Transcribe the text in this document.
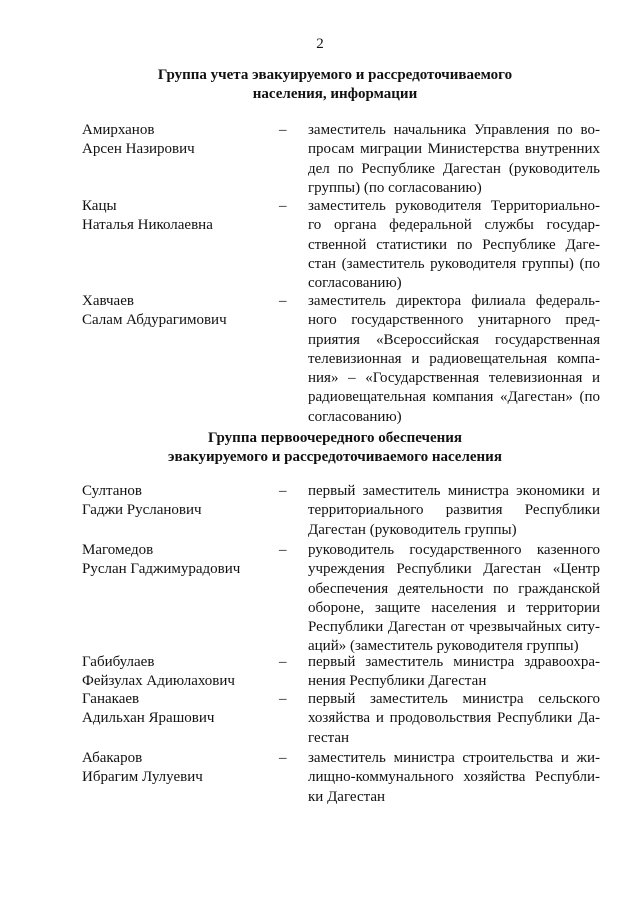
2
Группа учета эвакуируемого и рассредоточиваемого
населения, информации
Амирханов
Арсен Назирович
– заместитель начальника Управления по во-
просам миграции Министерства внутренних
дел по Республике Дагестан (руководитель
группы) (по согласованию)
Кацы
Наталья Николаевна
– заместитель руководителя Территориально-
го органа федеральной службы государ-
ственной статистики по Республике Даге-
стан (заместитель руководителя группы) (по
согласованию)
Хавчаев
Салам Абдурагимович
– заместитель директора филиала федераль-
ного государственного унитарного пред-
приятия «Всероссийская государственная
телевизионная и радиовещательная компа-
ния» – «Государственная телевизионная и
радиовещательная компания «Дагестан» (по
согласованию)
Группа первоочередного обеспечения
эвакуируемого и рассредоточиваемого населения
Султанов
Гаджи Русланович
– первый заместитель министра экономики и
территориального развития Республики
Дагестан (руководитель группы)
Магомедов
Руслан Гаджимурадович
– руководитель государственного казенного
учреждения Республики Дагестан «Центр
обеспечения деятельности по гражданской
обороне, защите населения и территории
Республики Дагестан от чрезвычайных ситу-
аций» (заместитель руководителя группы)
Габибулаев
Фейзулах Адиюлахович
– первый заместитель министра здравоохра-
нения Республики Дагестан
Ганакаев
Адильхан Ярашович
– первый заместитель министра сельского
хозяйства и продовольствия Республики Да-
гестан
Абакаров
Ибрагим Лулуевич
– заместитель министра строительства и жи-
лищно-коммунального хозяйства Республи-
ки Дагестан
